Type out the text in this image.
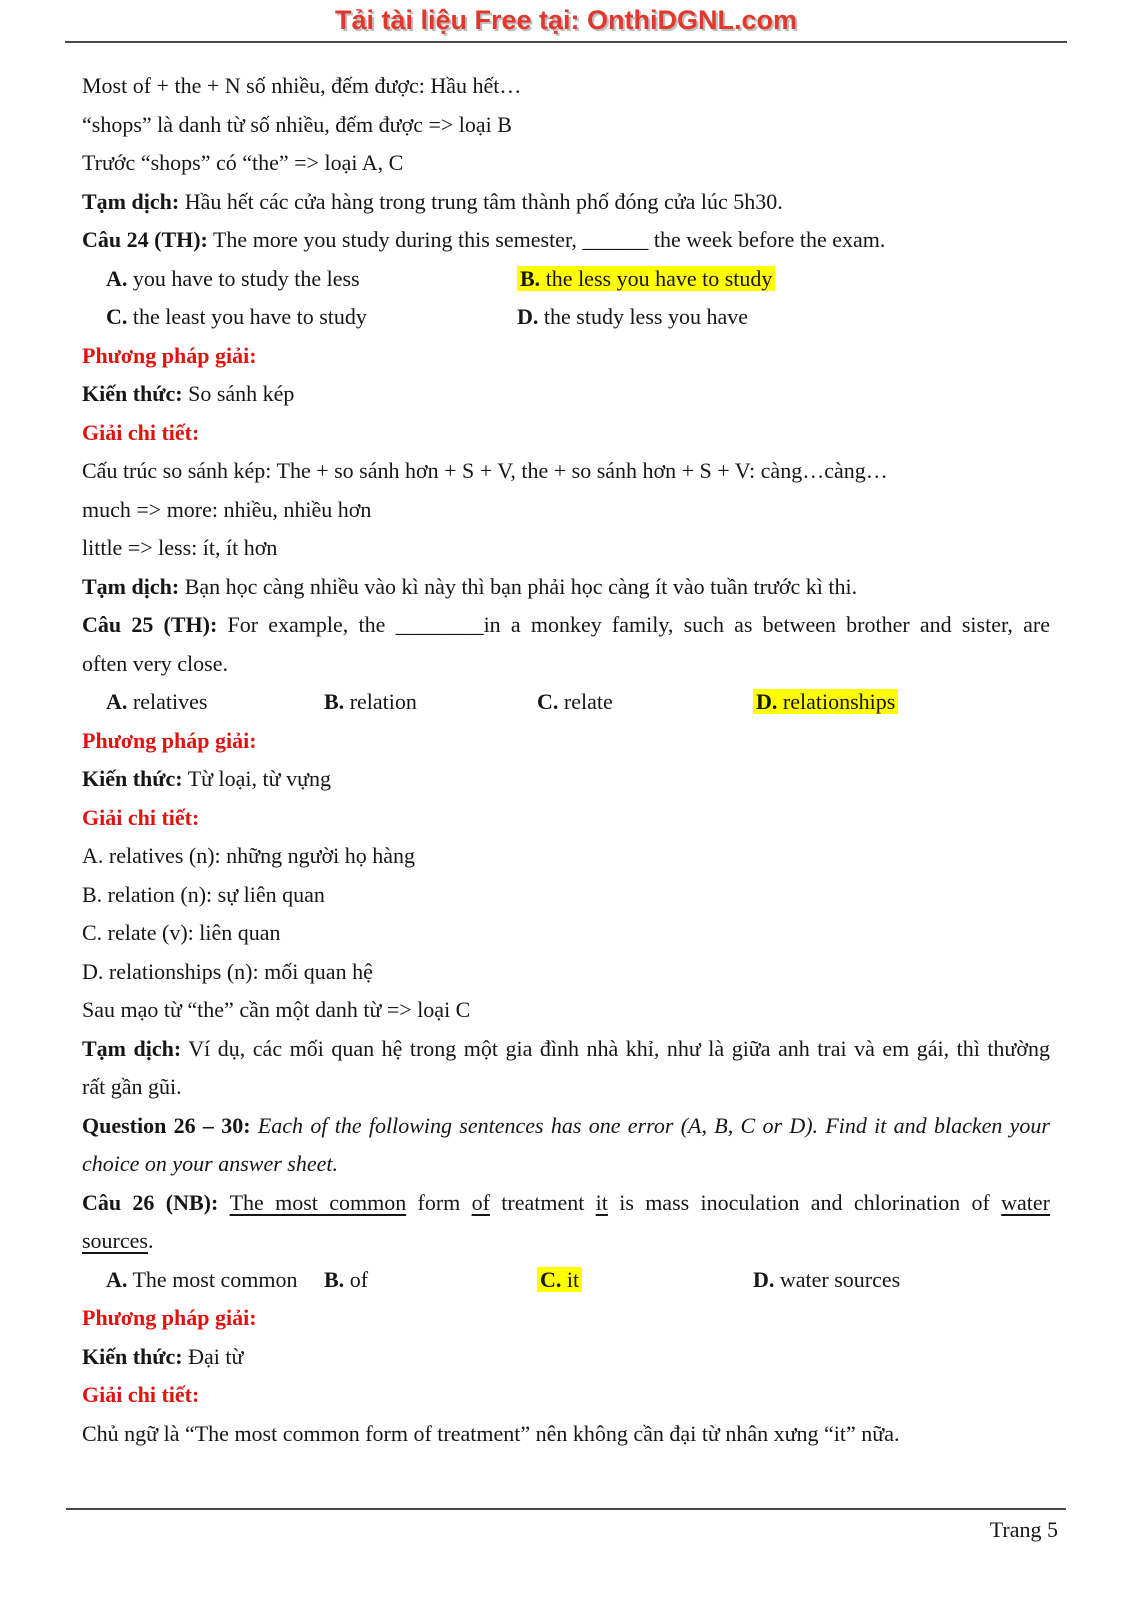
Tải tài liệu Free tại: OnthiDGNL.com

Most of + the + N số nhiều, đếm được: Hầu hết…

“shops” là danh từ số nhiều, đếm được => loại B

Trước “shops” có “the” => loại A, C

Tạm dịch: Hầu hết các cửa hàng trong trung tâm thành phố đóng cửa lúc 5h30.

Câu 24 (TH): The more you study during this semester, ______ the week before the exam.

A. you have to study the less	B. the less you have to study
C. the least you have to study	D. the study less you have

Phương pháp giải:

Kiến thức: So sánh kép

Giải chi tiết:

Cấu trúc so sánh kép: The + so sánh hơn + S + V, the + so sánh hơn + S + V: càng…càng…

much => more: nhiều, nhiều hơn

little => less: ít, ít hơn

Tạm dịch: Bạn học càng nhiều vào kì này thì bạn phải học càng ít vào tuần trước kì thi.

Câu 25 (TH): For example, the ________in a monkey family, such as between brother and sister, are

often very close.

A. relatives	B. relation	C. relate	D. relationships

Phương pháp giải:

Kiến thức: Từ loại, từ vựng

Giải chi tiết:

A. relatives (n): những người họ hàng

B. relation (n): sự liên quan

C. relate (v): liên quan

D. relationships (n): mối quan hệ

Sau mạo từ “the” cần một danh từ => loại C

Tạm dịch: Ví dụ, các mối quan hệ trong một gia đình nhà khỉ, như là giữa anh trai và em gái, thì thường

rất gần gũi.

Question 26 – 30: Each of the following sentences has one error (A, B, C or D). Find it and blacken your

choice on your answer sheet.

Câu 26 (NB): The most common form of treatment it is mass inoculation and chlorination of water

sources.

A. The most common	B. of	C. it	D. water sources

Phương pháp giải:

Kiến thức: Đại từ

Giải chi tiết:

Chủ ngữ là “The most common form of treatment” nên không cần đại từ nhân xưng “it” nữa.

Trang 5
